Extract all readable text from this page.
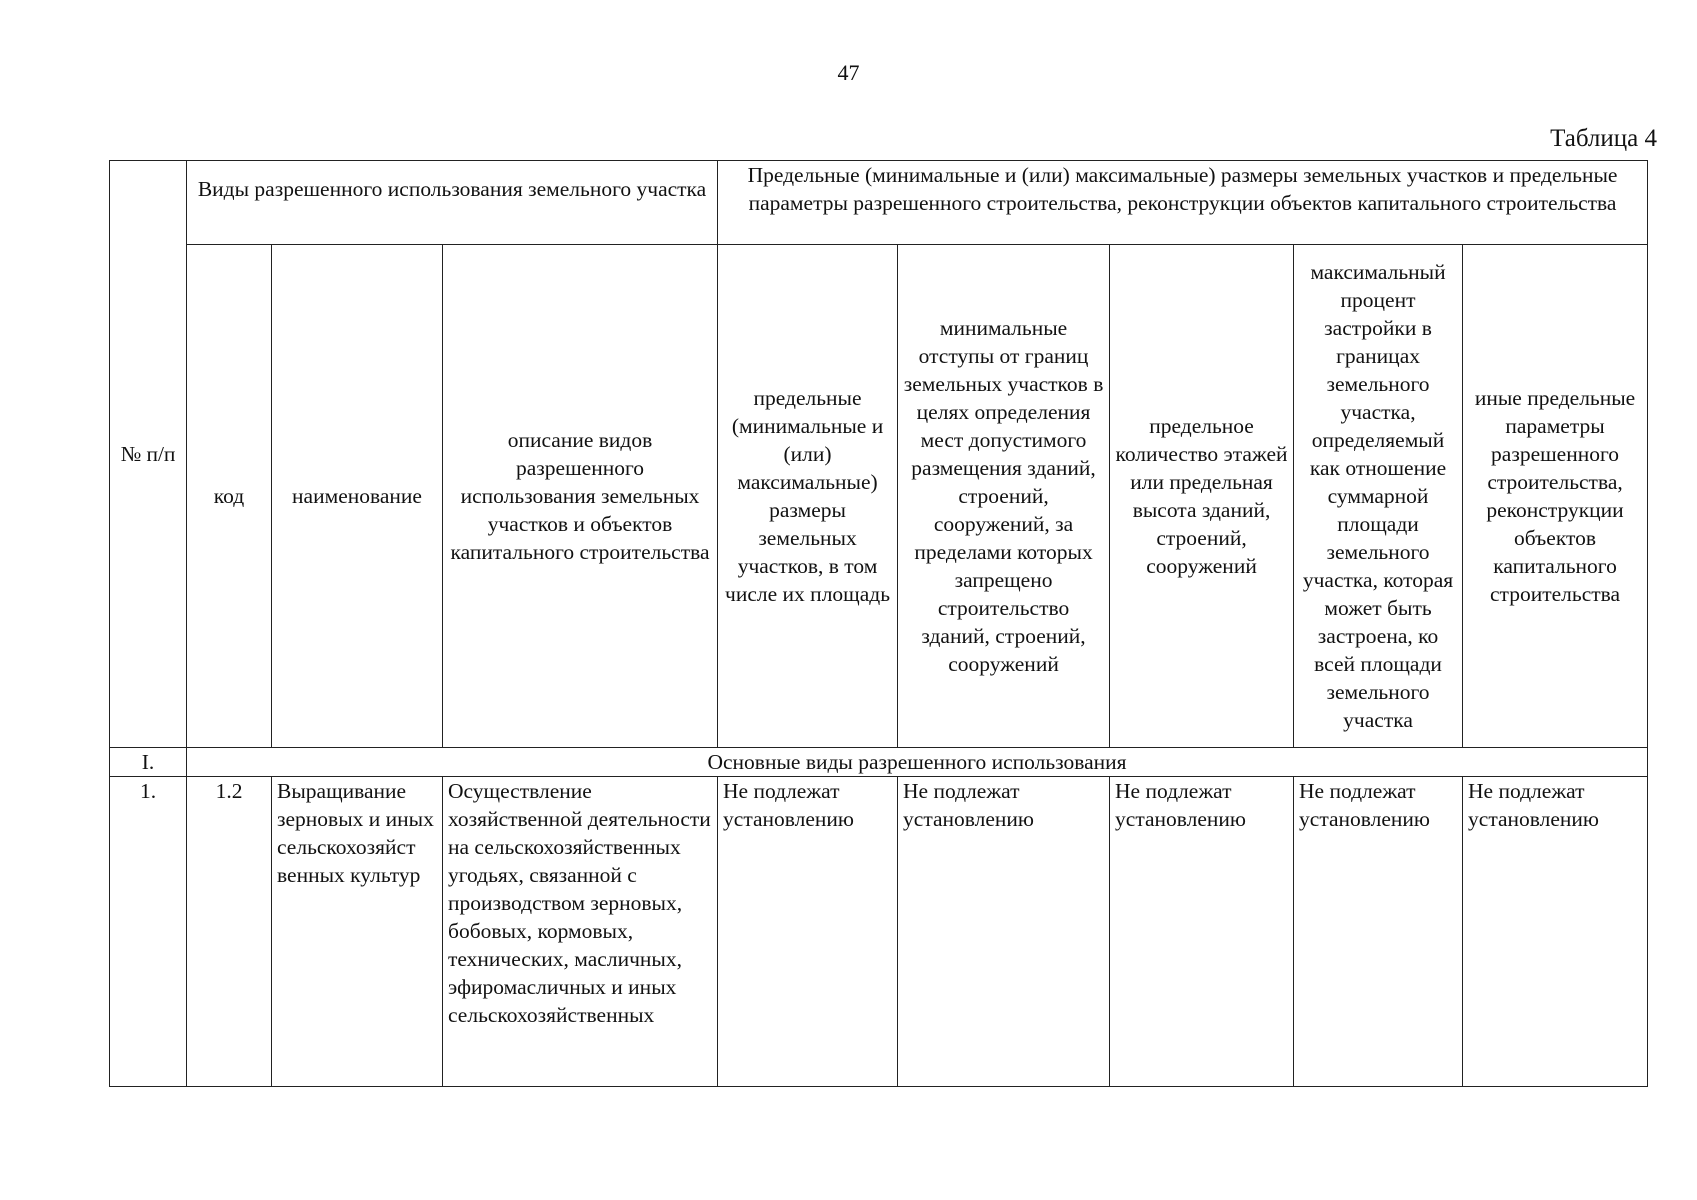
47
Таблица 4
№ п/п	Виды разрешенного использования земельного участка			Предельные (минимальные и (или) максимальные) размеры земельных участков и предельные параметры разрешенного строительства, реконструкции объектов капитального строительства				
	код	наименование	описание видов разрешенного использования земельных участков и объектов капитального строительства	предельные (минимальные и (или) максимальные) размеры земельных участков, в том числе их площадь	минимальные отступы от границ земельных участков в целях определения мест допустимого размещения зданий, строений, сооружений, за пределами которых запрещено строительство зданий, строений, сооружений	предельное количество этажей или предельная высота зданий, строений, сооружений	максимальный процент застройки в границах земельного участка, определяемый как отношение суммарной площади земельного участка, которая может быть застроена, ко всей площади земельного участка	иные предельные параметры разрешенного строительства, реконструкции объектов капитального строительства
I.	Основные виды разрешенного использования							

1.	1.2	Выращивание зерновых и иных сельскохозяйст венных культур	Осуществление хозяйственной деятельности на сельскохозяйственных угодьях, связанной с производством зерновых, бобовых, кормовых, технических, масличных, эфиромасличных и иных сельскохозяйственных	Не подлежат установлению	Не подлежат установлению	Не подлежат установлению	Не подлежат установлению	Не подлежат установлению
